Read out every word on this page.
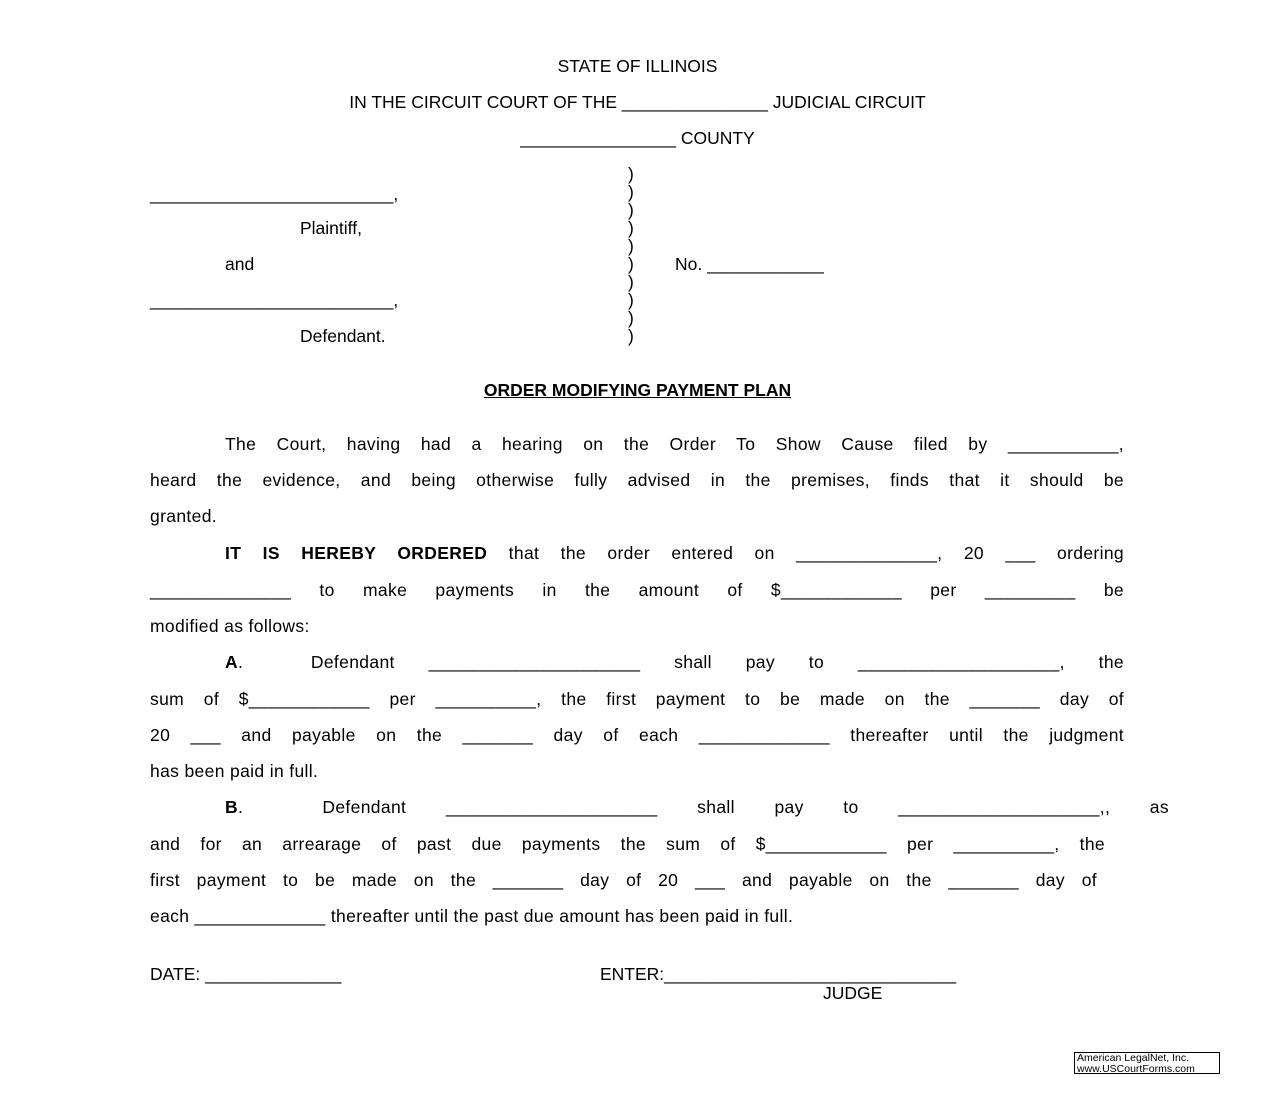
STATE OF ILLINOIS
IN THE CIRCUIT COURT OF THE _______________ JUDICIAL CIRCUIT
________________ COUNTY
_________________________,
Plaintiff,
and
_________________________,
Defendant.
)
)
)
)
)
)
)
)
)
)
No. ____________
ORDER MODIFYING PAYMENT PLAN
The Court, having had a hearing on the Order To Show Cause filed by ___________,
heard the evidence, and being otherwise fully advised in the premises, finds that it should be
granted.
IT IS HEREBY ORDERED that the order entered on ______________, 20 ___ ordering
______________ to make payments in the amount of $____________ per _________ be
modified as follows:
A.  Defendant _____________________ shall pay to ____________________, the
sum of $____________ per __________, the first payment to be made on the _______ day of
20 ___ and payable on the _______ day of each _____________ thereafter until the judgment
has been paid in full.
B.  Defendant _____________________ shall pay to ____________________,, as
and for an arrearage of past due payments the sum of $____________ per __________, the
first payment to be made on the _______ day of 20 ___ and payable on the _______ day of
each _____________ thereafter until the past due amount has been paid in full.
DATE: ______________	ENTER:______________________________
JUDGE
American LegalNet, Inc.
www.USCourtForms.com
